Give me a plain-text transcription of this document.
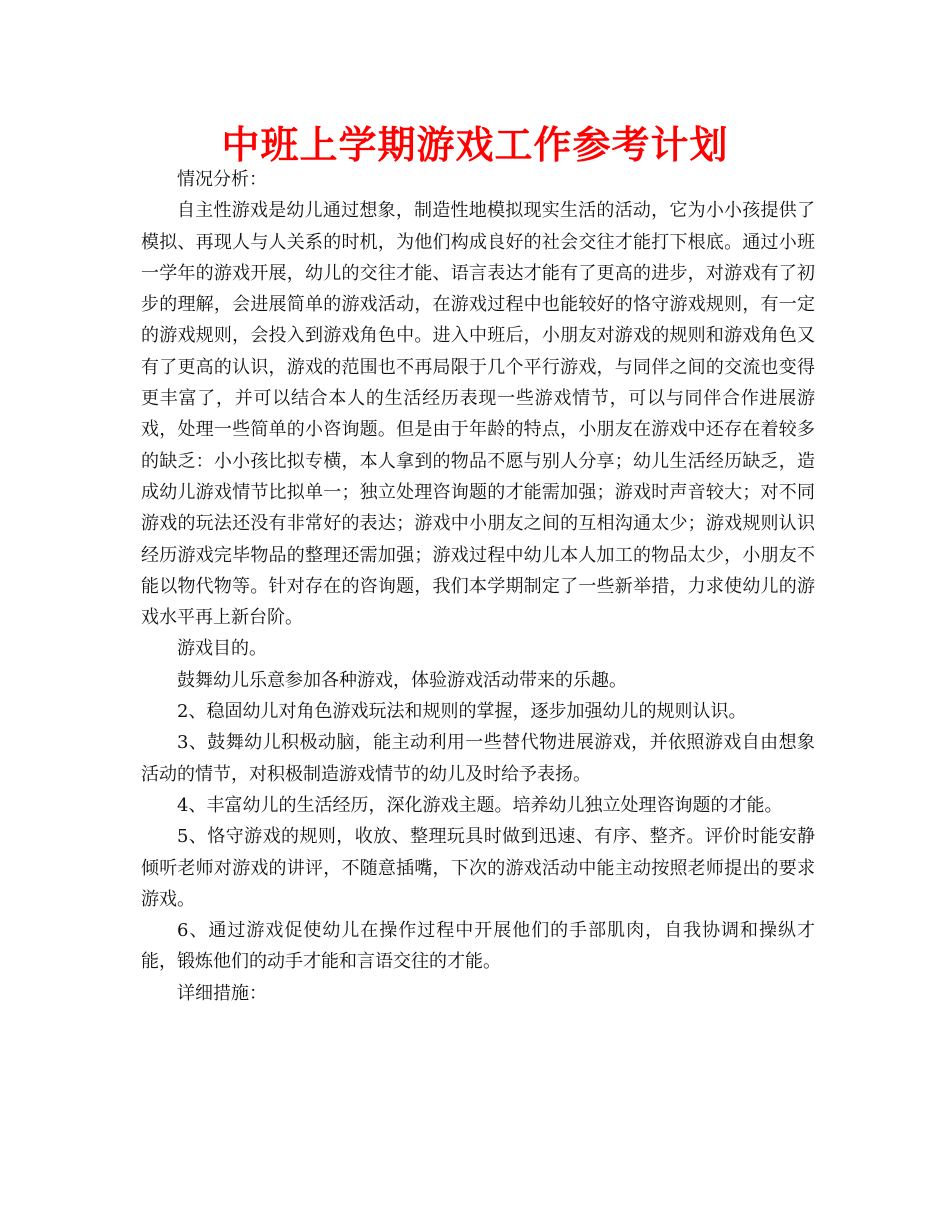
中班上学期游戏工作参考计划

情况分析：

自主性游戏是幼儿通过想象，制造性地模拟现实生活的活动，它为小小孩提供了模拟、再现人与人关系的时机，为他们构成良好的社会交往才能打下根底。通过小班一学年的游戏开展，幼儿的交往才能、语言表达才能有了更高的进步，对游戏有了初步的理解，会进展简单的游戏活动，在游戏过程中也能较好的恪守游戏规则，有一定的游戏规则，会投入到游戏角色中。进入中班后，小朋友对游戏的规则和游戏角色又有了更高的认识，游戏的范围也不再局限于几个平行游戏，与同伴之间的交流也变得更丰富了，并可以结合本人的生活经历表现一些游戏情节，可以与同伴合作进展游戏，处理一些简单的小咨询题。但是由于年龄的特点，小朋友在游戏中还存在着较多的缺乏：小小孩比拟专横，本人拿到的物品不愿与别人分享；幼儿生活经历缺乏，造成幼儿游戏情节比拟单一；独立处理咨询题的才能需加强；游戏时声音较大；对不同游戏的玩法还没有非常好的表达；游戏中小朋友之间的互相沟通太少；游戏规则认识经历游戏完毕物品的整理还需加强；游戏过程中幼儿本人加工的物品太少，小朋友不能以物代物等。针对存在的咨询题，我们本学期制定了一些新举措，力求使幼儿的游戏水平再上新台阶。

游戏目的。

鼓舞幼儿乐意参加各种游戏，体验游戏活动带来的乐趣。

2、稳固幼儿对角色游戏玩法和规则的掌握，逐步加强幼儿的规则认识。

3、鼓舞幼儿积极动脑，能主动利用一些替代物进展游戏，并依照游戏自由想象活动的情节，对积极制造游戏情节的幼儿及时给予表扬。

4、丰富幼儿的生活经历，深化游戏主题。培养幼儿独立处理咨询题的才能。

5、恪守游戏的规则，收放、整理玩具时做到迅速、有序、整齐。评价时能安静倾听老师对游戏的讲评，不随意插嘴，下次的游戏活动中能主动按照老师提出的要求游戏。

6、通过游戏促使幼儿在操作过程中开展他们的手部肌肉，自我协调和操纵才能，锻炼他们的动手才能和言语交往的才能。

详细措施：
